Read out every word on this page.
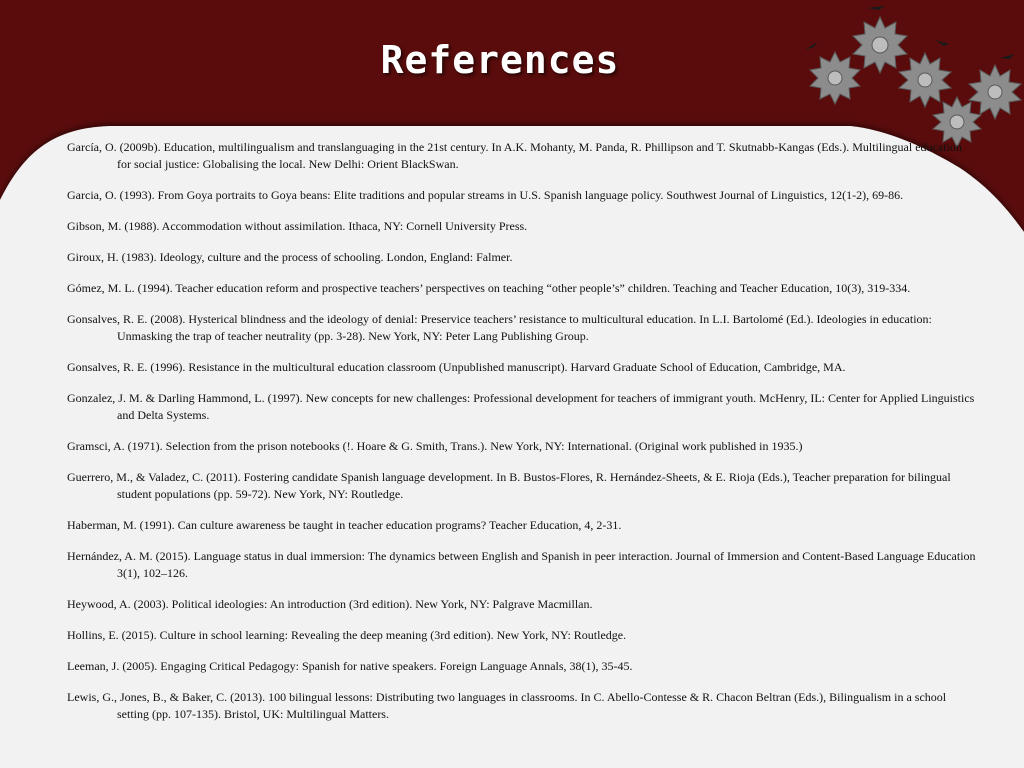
References

García, O. (2009b). Education, multilingualism and translanguaging in the 21st century. In A.K. Mohanty, M. Panda, R. Phillipson and T. Skutnabb-Kangas (Eds.). Multilingual education for social justice: Globalising the local. New Delhi: Orient BlackSwan.

Garcia, O. (1993). From Goya portraits to Goya beans: Elite traditions and popular streams in U.S. Spanish language policy. Southwest Journal of Linguistics, 12(1-2), 69-86.

Gibson, M. (1988). Accommodation without assimilation. Ithaca, NY: Cornell University Press.

Giroux, H. (1983). Ideology, culture and the process of schooling. London, England: Falmer.

Gómez, M. L. (1994). Teacher education reform and prospective teachers’ perspectives on teaching “other people’s” children. Teaching and Teacher Education, 10(3), 319-334.

Gonsalves, R. E. (2008). Hysterical blindness and the ideology of denial: Preservice teachers’ resistance to multicultural education. In L.I. Bartolomé (Ed.). Ideologies in education: Unmasking the trap of teacher neutrality (pp. 3-28). New York, NY: Peter Lang Publishing Group.

Gonsalves, R. E. (1996). Resistance in the multicultural education classroom (Unpublished manuscript). Harvard Graduate School of Education, Cambridge, MA.

Gonzalez, J. M. & Darling Hammond, L. (1997). New concepts for new challenges: Professional development for teachers of immigrant youth. McHenry, IL: Center for Applied Linguistics and Delta Systems.

Gramsci, A. (1971). Selection from the prison notebooks (!. Hoare & G. Smith, Trans.). New York, NY: International. (Original work published in 1935.)

Guerrero, M., & Valadez, C. (2011). Fostering candidate Spanish language development. In B. Bustos-Flores, R. Hernández-Sheets, & E. Rioja (Eds.), Teacher preparation for bilingual student populations (pp. 59-72). New York, NY: Routledge.

Haberman, M. (1991). Can culture awareness be taught in teacher education programs? Teacher Education, 4, 2-31.

Hernández, A. M. (2015). Language status in dual immersion: The dynamics between English and Spanish in peer interaction. Journal of Immersion and Content-Based Language Education 3(1), 102–126.

Heywood, A. (2003). Political ideologies: An introduction (3rd edition). New York, NY: Palgrave Macmillan.

Hollins, E. (2015). Culture in school learning: Revealing the deep meaning (3rd edition). New York, NY: Routledge.

Leeman, J. (2005). Engaging Critical Pedagogy: Spanish for native speakers. Foreign Language Annals, 38(1), 35-45.

Lewis, G., Jones, B., & Baker, C. (2013). 100 bilingual lessons: Distributing two languages in classrooms. In C. Abello-Contesse & R. Chacon Beltran (Eds.), Bilingualism in a school setting (pp. 107-135). Bristol, UK: Multilingual Matters.
